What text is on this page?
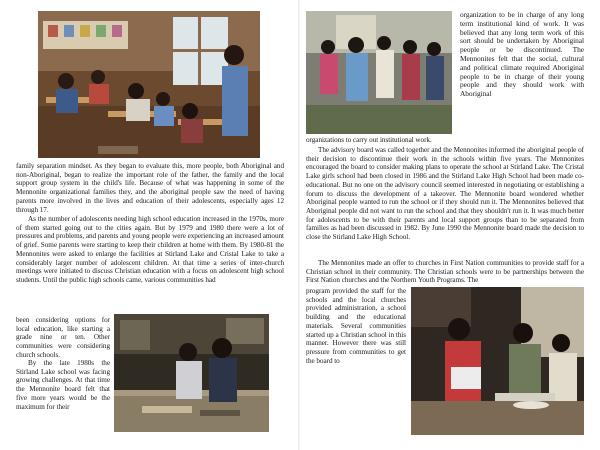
family separation mindset. As they began to evaluate this, more people, both Aboriginal and non-Aboriginal, began to realize the important role of the father, the family and the local support group system in the child's life. Because of what was happening in some of the Mennonite organizational families they, and the aboriginal people saw the need of having parents more involved in the lives and education of their adolescents, especially ages 12 through 17.

As the number of adolescents needing high school education increased in the 1970s, more of them started going out to the cities again. But by 1979 and 1980 there were a lot of pressures and problems, and parents and young people were experiencing an increased amount of grief. Some parents were starting to keep their children at home with them. By 1980-81 the Mennonites were asked to enlarge the facilities at Stirland Lake and Cristal Lake to take a considerably larger number of adolescent children. At that time a series of inter-church meetings were initiated to discuss Christian education with a focus on adolescent high school students. Until the public high schools came, various communities had

been considering options for local education, like starting a grade nine or ten. Other communities were considering church schools.

By the late 1980s the Stirland Lake school was facing growing challenges. At that time the Mennonite board felt that five more years would be the maximum for their

organization to be in charge of any long term institutional kind of work. It was believed that any long term work of this sort should be undertaken by Aboriginal people or be discontinued. The Mennonites felt that the social, cultural and political climate required Aboriginal people to be in charge of their young people and they should work with Aboriginal

organizations to carry out institutional work.

The advisory board was called together and the Mennonites informed the aboriginal people of their decision to discontinue their work in the schools within five years. The Mennonites encouraged the board to consider making plans to operate the school at Stirland Lake. The Cristal Lake girls school had been closed in 1986 and the Stirland Lake High School had been made co-educational. But no one on the advisory council seemed interested in negotiating or establishing a forum to discuss the development of a takeover. The Mennonite board wondered whether Aboriginal people wanted to run the school or if they should run it. The Mennonites believed that Aboriginal people did not want to run the school and that they shouldn't run it. It was much better for adolescents to be with their parents and local support groups than to be separated from families as had been discussed in 1982. By June 1990 the Mennonite board made the decision to close the Stirland Lake High School.

The Mennonites made an offer to churches in First Nation communities to provide staff for a Christian school in their community. The Christian schools were to be partnerships between the First Nation churches and the Northern Youth Programs. The

program provided the staff for the schools and the local churches provided administration, a school building and the educational materials. Several communities started up a Christian school in this manner. However there was still pressure from communities to get the board to
